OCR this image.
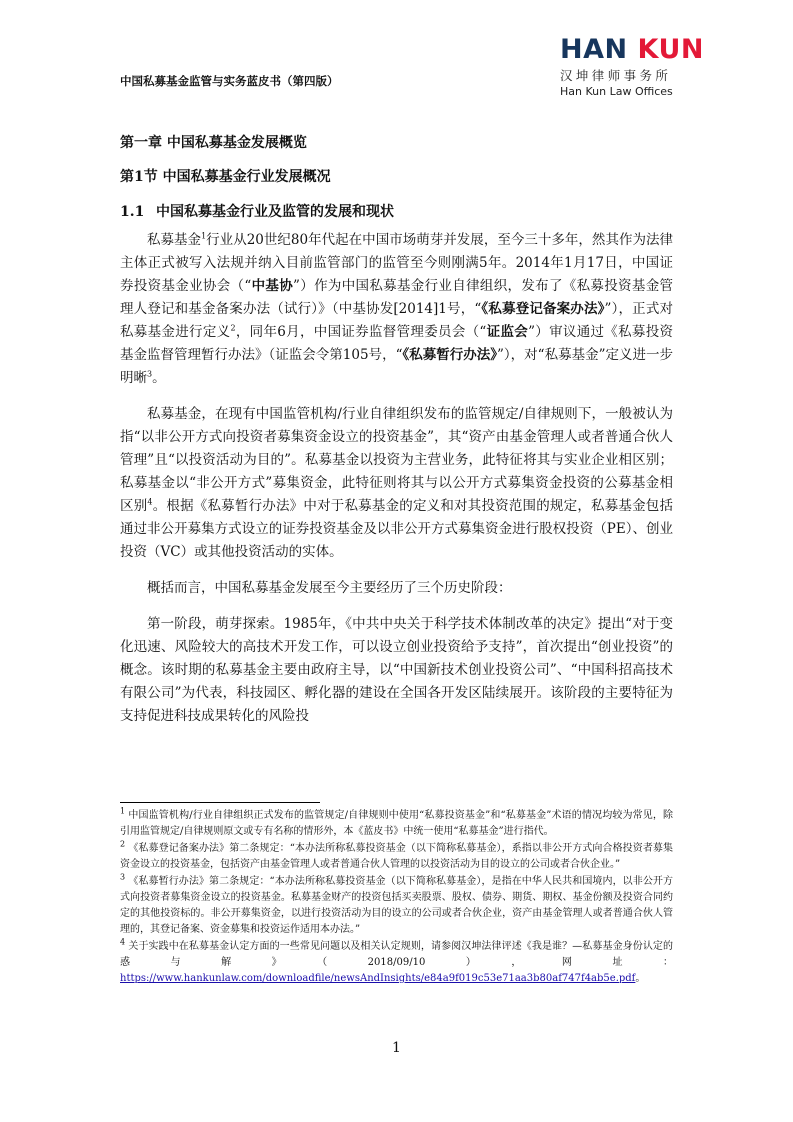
中国私募基金监管与实务蓝皮书（第四版）
HAN KUN
汉坤律师事务所
Han Kun Law Offices
第一章 中国私募基金发展概览
第1节 中国私募基金行业发展概况
1.1 中国私募基金行业及监管的发展和现状

私募基金$^1$行业从20世纪80年代起在中国市场萌芽并发展，至今三十多年，然其作为法律主体正式被写入法规并纳入目前监管部门的监管至今则刚满5年。2014年1月17日，中国证券投资基金业协会（“中基协”）作为中国私募基金行业自律组织，发布了《私募投资基金管理人登记和基金备案办法（试行）》（中基协发[2014]1号，“《私募登记备案办法》”），正式对私募基金进行定义$^2$，同年6月，中国证券监督管理委员会（“证监会”）审议通过《私募投资基金监督管理暂行办法》（证监会令第105号，“《私募暂行办法》”），对“私募基金”定义进一步明晰$^3$。

私募基金，在现有中国监管机构/行业自律组织发布的监管规定/自律规则下，一般被认为指“以非公开方式向投资者募集资金设立的投资基金”，其“资产由基金管理人或者普通合伙人管理”且“以投资活动为目的”。私募基金以投资为主营业务，此特征将其与实业企业相区别；私募基金以“非公开方式”募集资金，此特征则将其与以公开方式募集资金投资的公募基金相区别$^4$。根据《私募暂行办法》中对于私募基金的定义和对其投资范围的规定，私募基金包括通过非公开募集方式设立的证券投资基金及以非公开方式募集资金进行股权投资（PE）、创业投资（VC）或其他投资活动的实体。

概括而言，中国私募基金发展至今主要经历了三个历史阶段：

第一阶段，萌芽探索。1985年，《中共中央关于科学技术体制改革的决定》提出“对于变化迅速、风险较大的高技术开发工作，可以设立创业投资给予支持”，首次提出“创业投资”的概念。该时期的私募基金主要由政府主导，以“中国新技术创业投资公司”、“中国科招高技术有限公司”为代表，科技园区、孵化器的建设在全国各开发区陆续展开。该阶段的主要特征为支持促进科技成果转化的风险投

$^1$ 中国监管机构/行业自律组织正式发布的监管规定/自律规则中使用“私募投资基金”和“私募基金”术语的情况均较为常见，除引用监管规定/自律规则原文或专有名称的情形外，本《蓝皮书》中统一使用“私募基金”进行指代。
$^2$ 《私募登记备案办法》第二条规定：“本办法所称私募投资基金（以下简称私募基金），系指以非公开方式向合格投资者募集资金设立的投资基金，包括资产由基金管理人或者普通合伙人管理的以投资活动为目的设立的公司或者合伙企业。”
$^3$ 《私募暂行办法》第二条规定：“本办法所称私募投资基金（以下简称私募基金），是指在中华人民共和国境内，以非公开方式向投资者募集资金设立的投资基金。私募基金财产的投资包括买卖股票、股权、债券、期货、期权、基金份额及投资合同约定的其他投资标的。非公开募集资金，以进行投资活动为目的设立的公司或者合伙企业，资产由基金管理人或者普通合伙人管理的，其登记备案、资金募集和投资运作适用本办法。”
$^4$ 关于实践中在私募基金认定方面的一些常见问题以及相关认定规则，请参阅汉坤法律评述《我是谁？—私募基金身份认定的惑与解》（2018/09/10），网址：https://www.hankunlaw.com/downloadfile/newsAndInsights/e84a9f019c53e71aa3b80af747f4ab5e.pdf。
1
